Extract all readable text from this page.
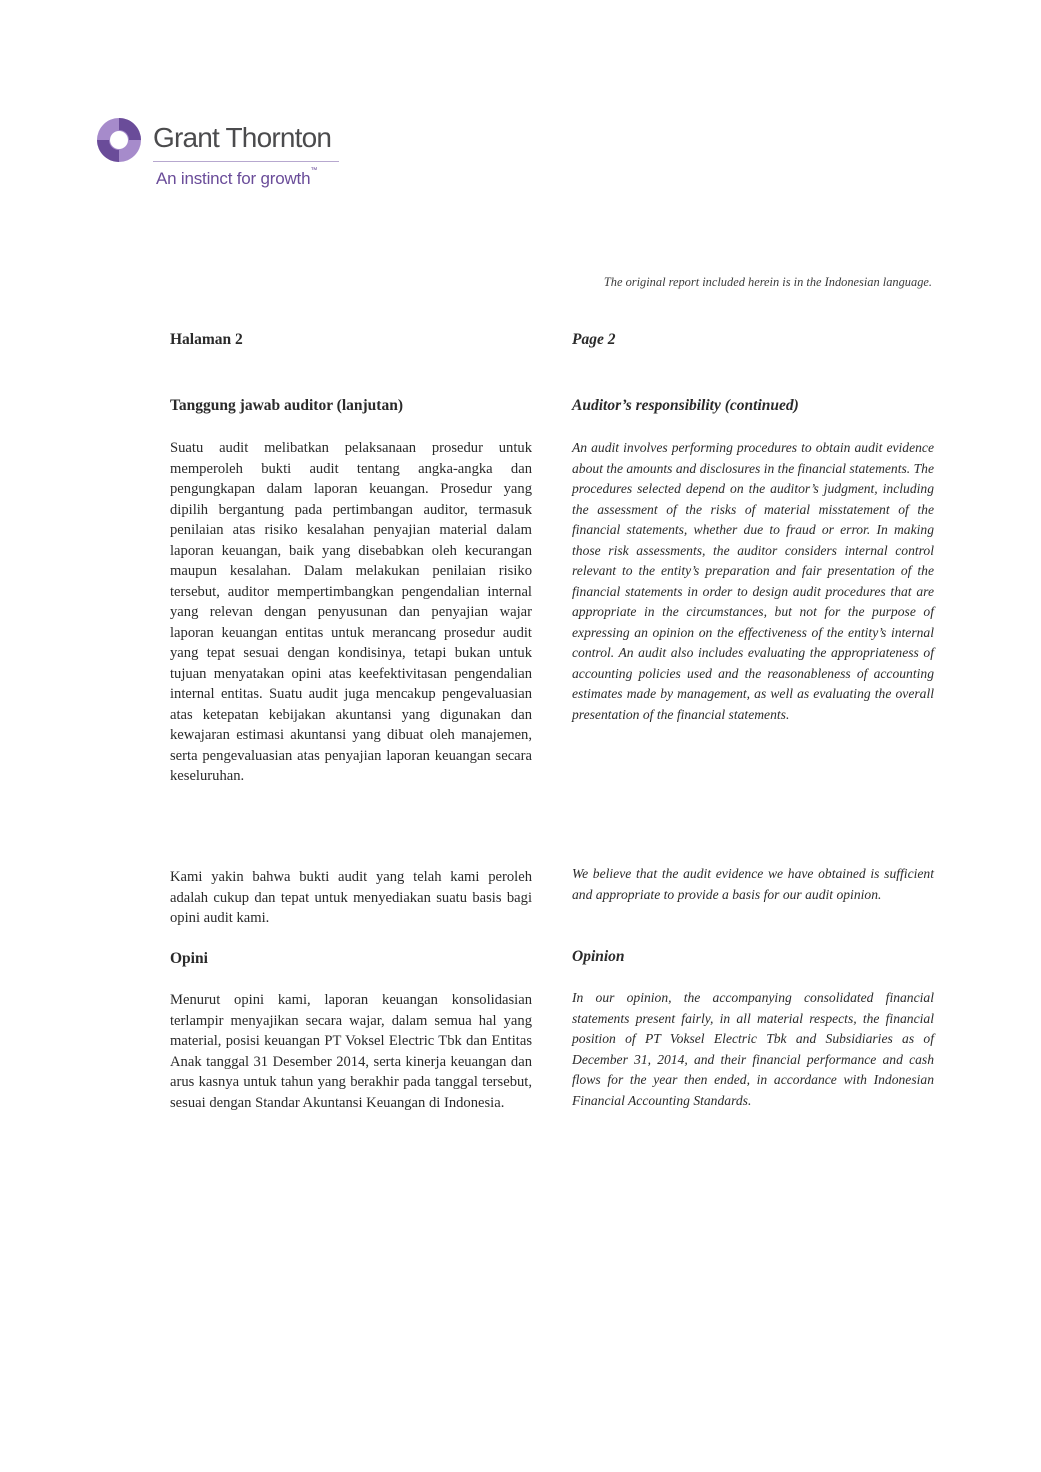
Grant Thornton
An instinct for growth™
The original report included herein is in the Indonesian language.
Halaman 2
Tanggung jawab auditor (lanjutan)

Suatu audit melibatkan pelaksanaan prosedur untuk memperoleh bukti audit tentang angka-angka dan pengungkapan dalam laporan keuangan. Prosedur yang dipilih bergantung pada pertimbangan auditor, termasuk penilaian atas risiko kesalahan penyajian material dalam laporan keuangan, baik yang disebabkan oleh kecurangan maupun kesalahan. Dalam melakukan penilaian risiko tersebut, auditor mempertimbangkan pengendalian internal yang relevan dengan penyusunan dan penyajian wajar laporan keuangan entitas untuk merancang prosedur audit yang tepat sesuai dengan kondisinya, tetapi bukan untuk tujuan menyatakan opini atas keefektivitasan pengendalian internal entitas. Suatu audit juga mencakup pengevaluasian atas ketepatan kebijakan akuntansi yang digunakan dan kewajaran estimasi akuntansi yang dibuat oleh manajemen, serta pengevaluasian atas penyajian laporan keuangan secara keseluruhan.

Kami yakin bahwa bukti audit yang telah kami peroleh adalah cukup dan tepat untuk menyediakan suatu basis bagi opini audit kami.

Opini

Menurut opini kami, laporan keuangan konsolidasian terlampir menyajikan secara wajar, dalam semua hal yang material, posisi keuangan PT Voksel Electric Tbk dan Entitas Anak tanggal 31 Desember 2014, serta kinerja keuangan dan arus kasnya untuk tahun yang berakhir pada tanggal tersebut, sesuai dengan Standar Akuntansi Keuangan di Indonesia.

Page 2
Auditor’s responsibility (continued)

An audit involves performing procedures to obtain audit evidence about the amounts and disclosures in the financial statements. The procedures selected depend on the auditor’s judgment, including the assessment of the risks of material misstatement of the financial statements, whether due to fraud or error. In making those risk assessments, the auditor considers internal control relevant to the entity’s preparation and fair presentation of the financial statements in order to design audit procedures that are appropriate in the circumstances, but not for the purpose of expressing an opinion on the effectiveness of the entity’s internal control. An audit also includes evaluating the appropriateness of accounting policies used and the reasonableness of accounting estimates made by management, as well as evaluating the overall presentation of the financial statements.

We believe that the audit evidence we have obtained is sufficient and appropriate to provide a basis for our audit opinion.

Opinion

In our opinion, the accompanying consolidated financial statements present fairly, in all material respects, the financial position of PT Voksel Electric Tbk and Subsidiaries as of December 31, 2014, and their financial performance and cash flows for the year then ended, in accordance with Indonesian Financial Accounting Standards.
